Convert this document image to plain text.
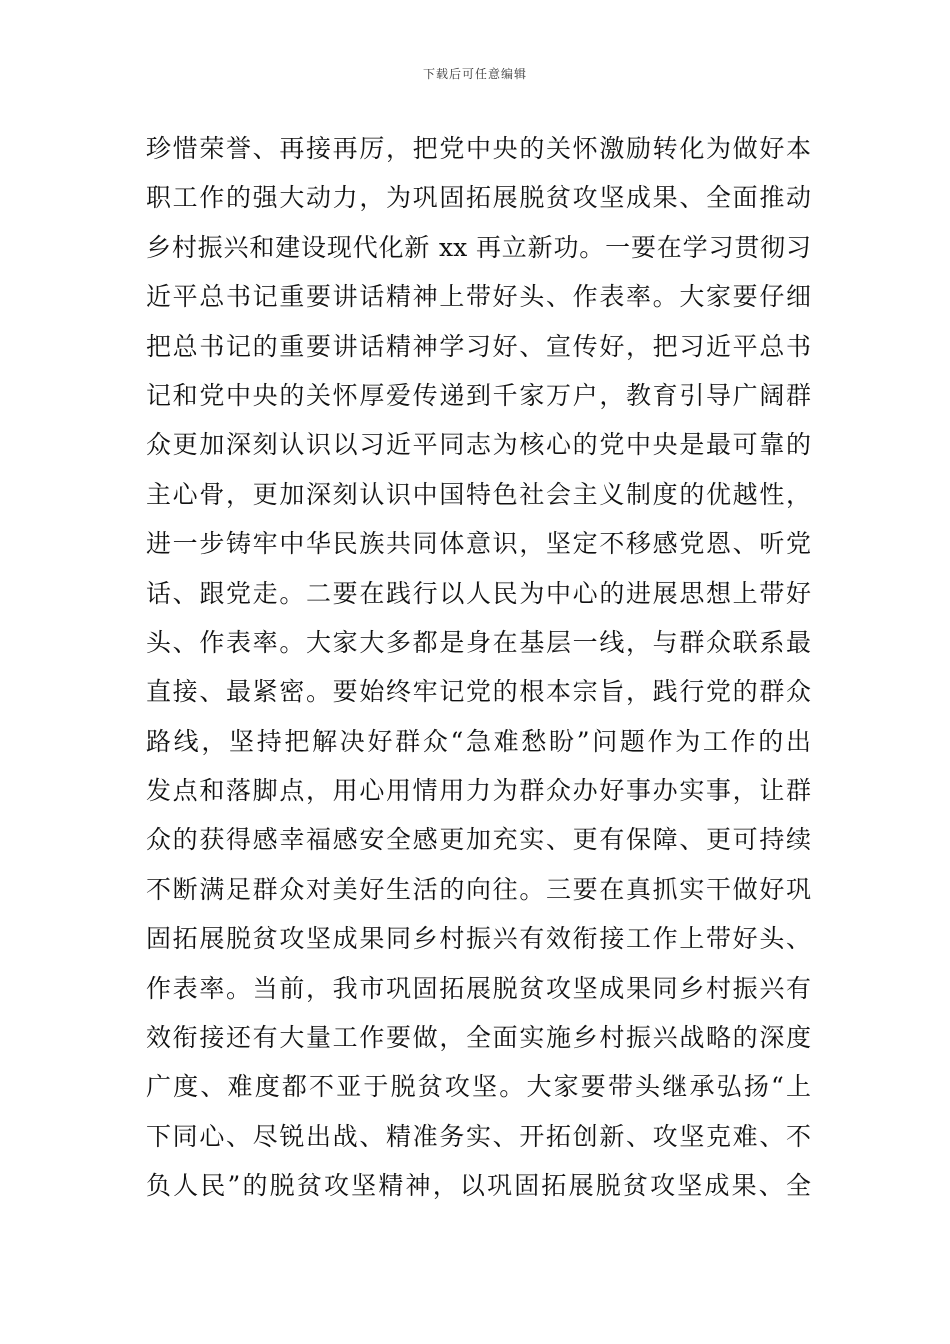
下载后可任意编辑
珍惜荣誉、再接再厉，把党中央的关怀激励转化为做好本
职工作的强大动力，为巩固拓展脱贫攻坚成果、全面推动
乡村振兴和建设现代化新 xx 再立新功。一要在学习贯彻习
近平总书记重要讲话精神上带好头、作表率。大家要仔细
把总书记的重要讲话精神学习好、宣传好，把习近平总书
记和党中央的关怀厚爱传递到千家万户，教育引导广阔群
众更加深刻认识以习近平同志为核心的党中央是最可靠的
主心骨，更加深刻认识中国特色社会主义制度的优越性，
进一步铸牢中华民族共同体意识，坚定不移感党恩、听党
话、跟党走。二要在践行以人民为中心的进展思想上带好
头、作表率。大家大多都是身在基层一线，与群众联系最
直接、最紧密。要始终牢记党的根本宗旨，践行党的群众
路线，坚持把解决好群众“急难愁盼”问题作为工作的出
发点和落脚点，用心用情用力为群众办好事办实事，让群
众的获得感幸福感安全感更加充实、更有保障、更可持续
不断满足群众对美好生活的向往。三要在真抓实干做好巩
固拓展脱贫攻坚成果同乡村振兴有效衔接工作上带好头、
作表率。当前，我市巩固拓展脱贫攻坚成果同乡村振兴有
效衔接还有大量工作要做，全面实施乡村振兴战略的深度
广度、难度都不亚于脱贫攻坚。大家要带头继承弘扬“上
下同心、尽锐出战、精准务实、开拓创新、攻坚克难、不
负人民”的脱贫攻坚精神，以巩固拓展脱贫攻坚成果、全
